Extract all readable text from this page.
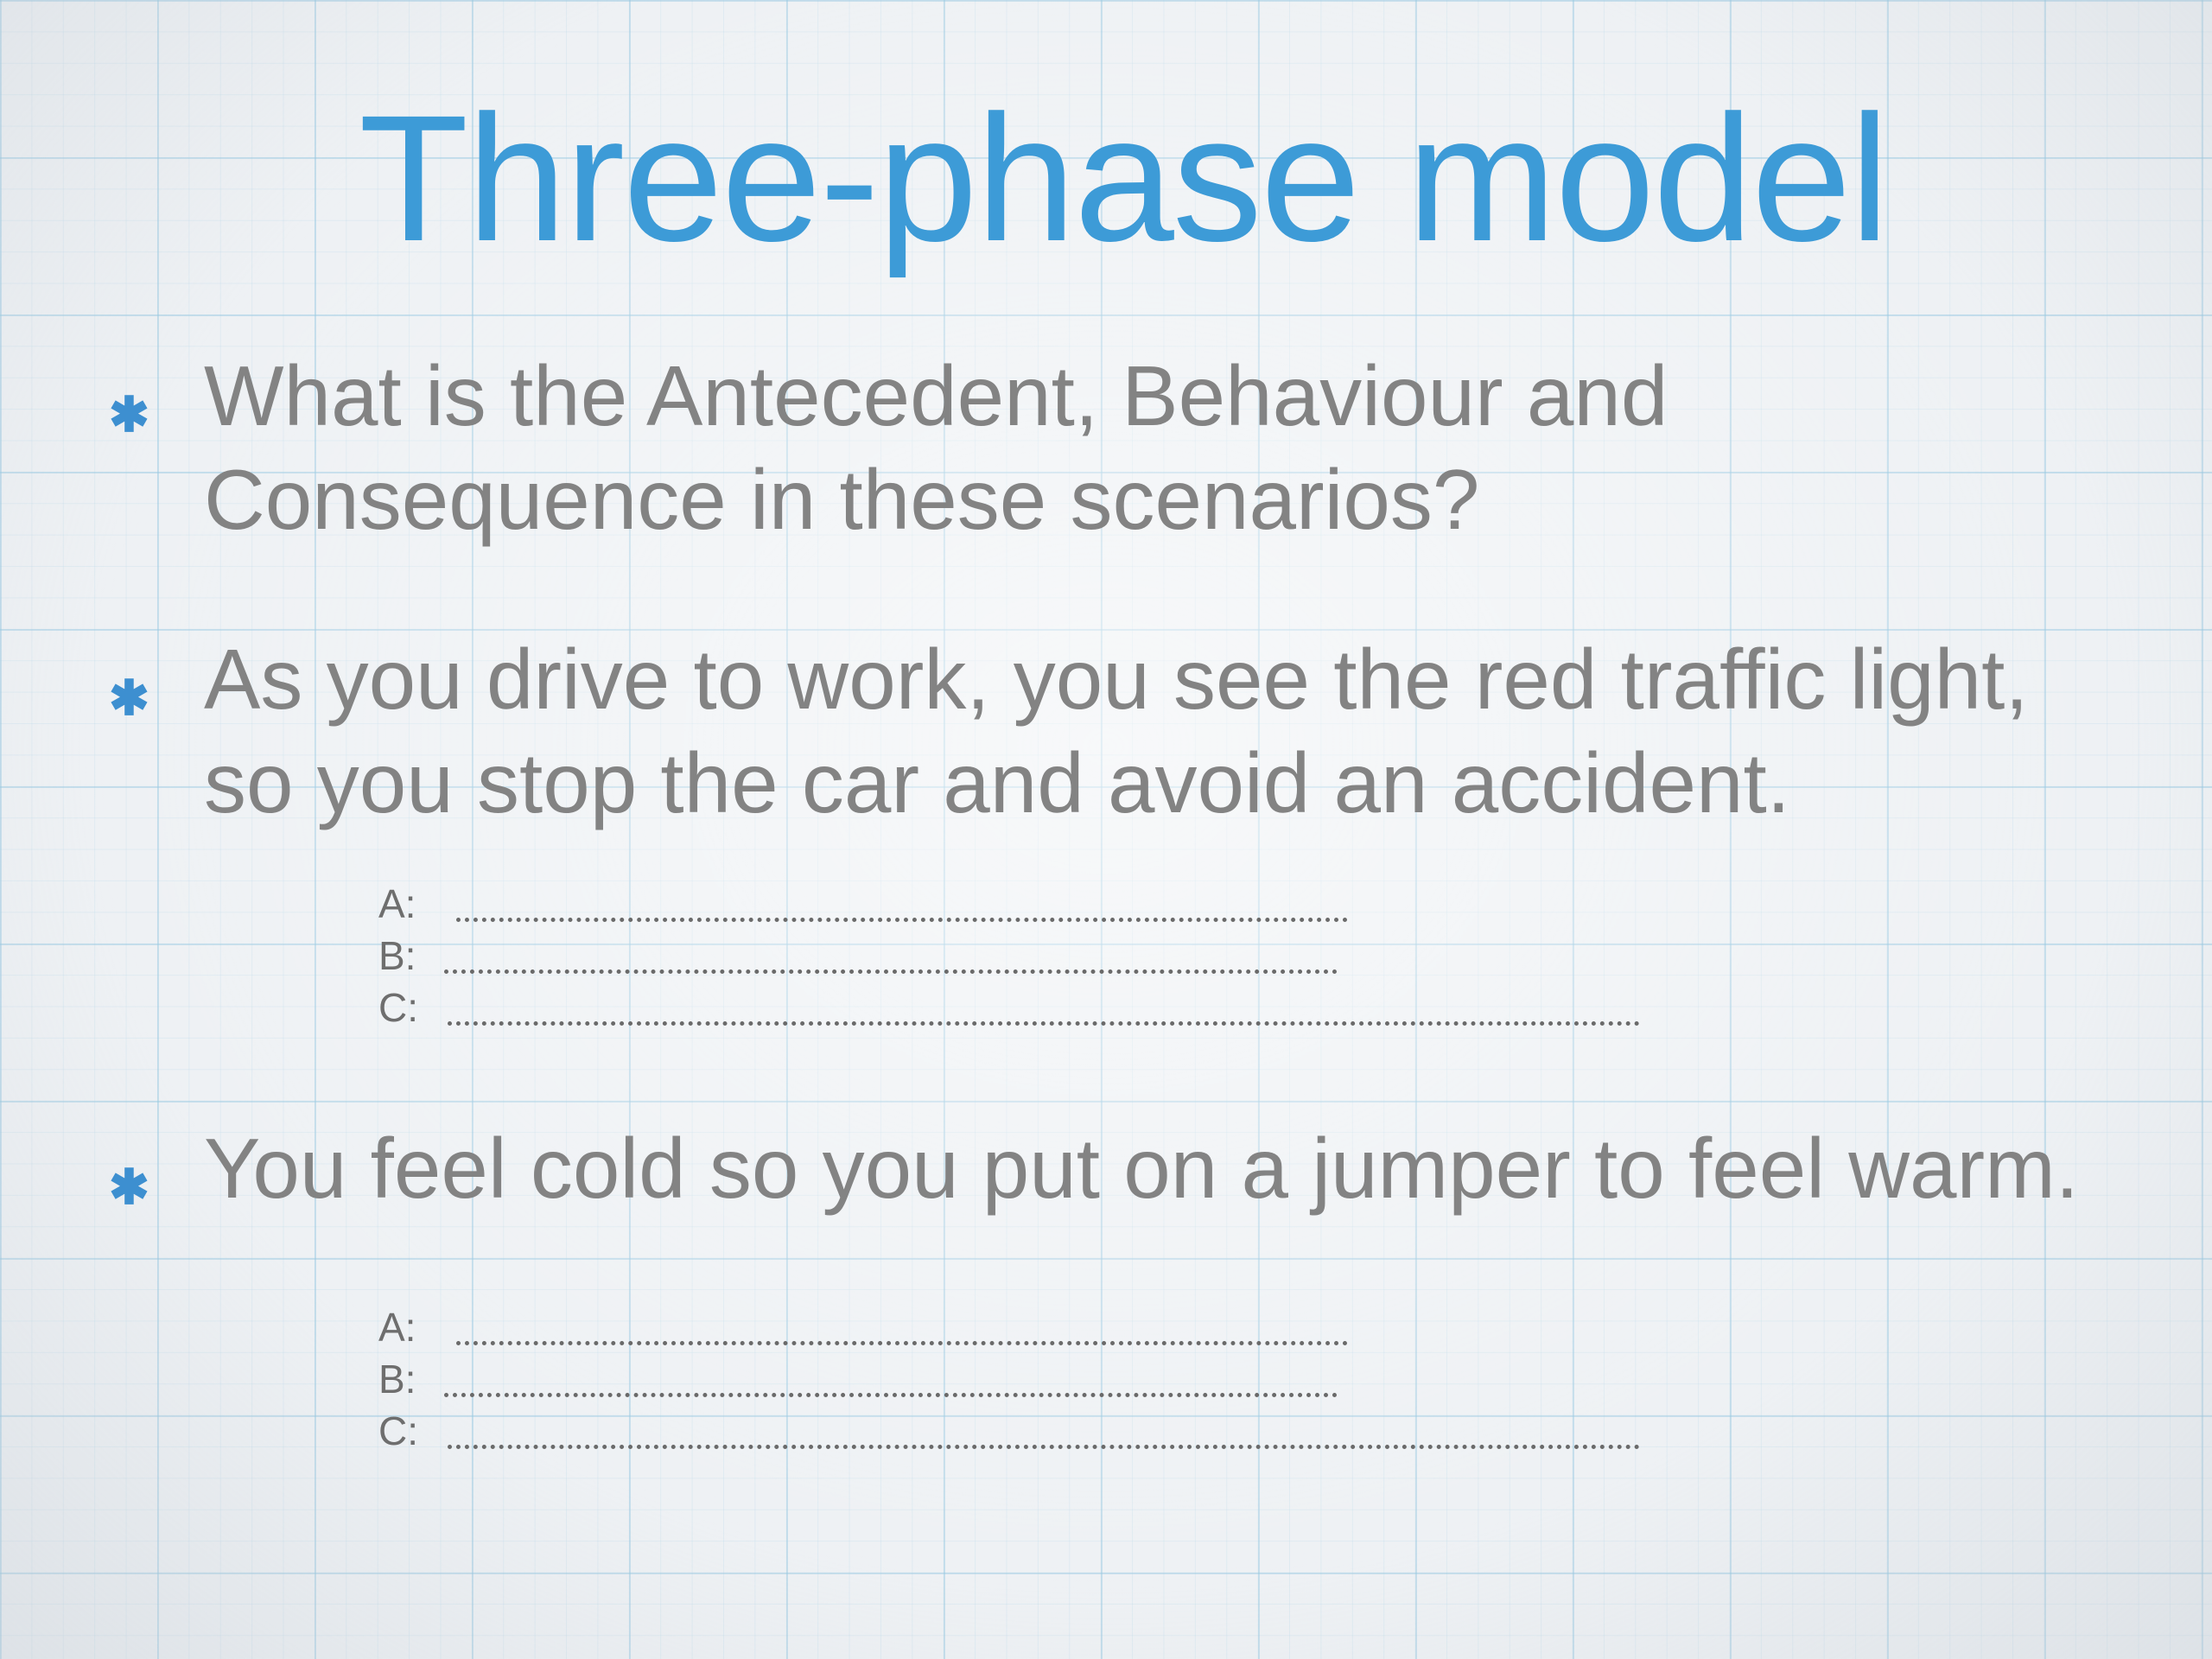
Three-phase model
✱ What is the Antecedent, Behaviour and
Consequence in these scenarios?
✱ As you drive to work, you see the red traffic light,
so you stop the car and avoid an accident.
A:
B:
C:
✱ You feel cold so you put on a jumper to feel warm.
A:
B:
C:
